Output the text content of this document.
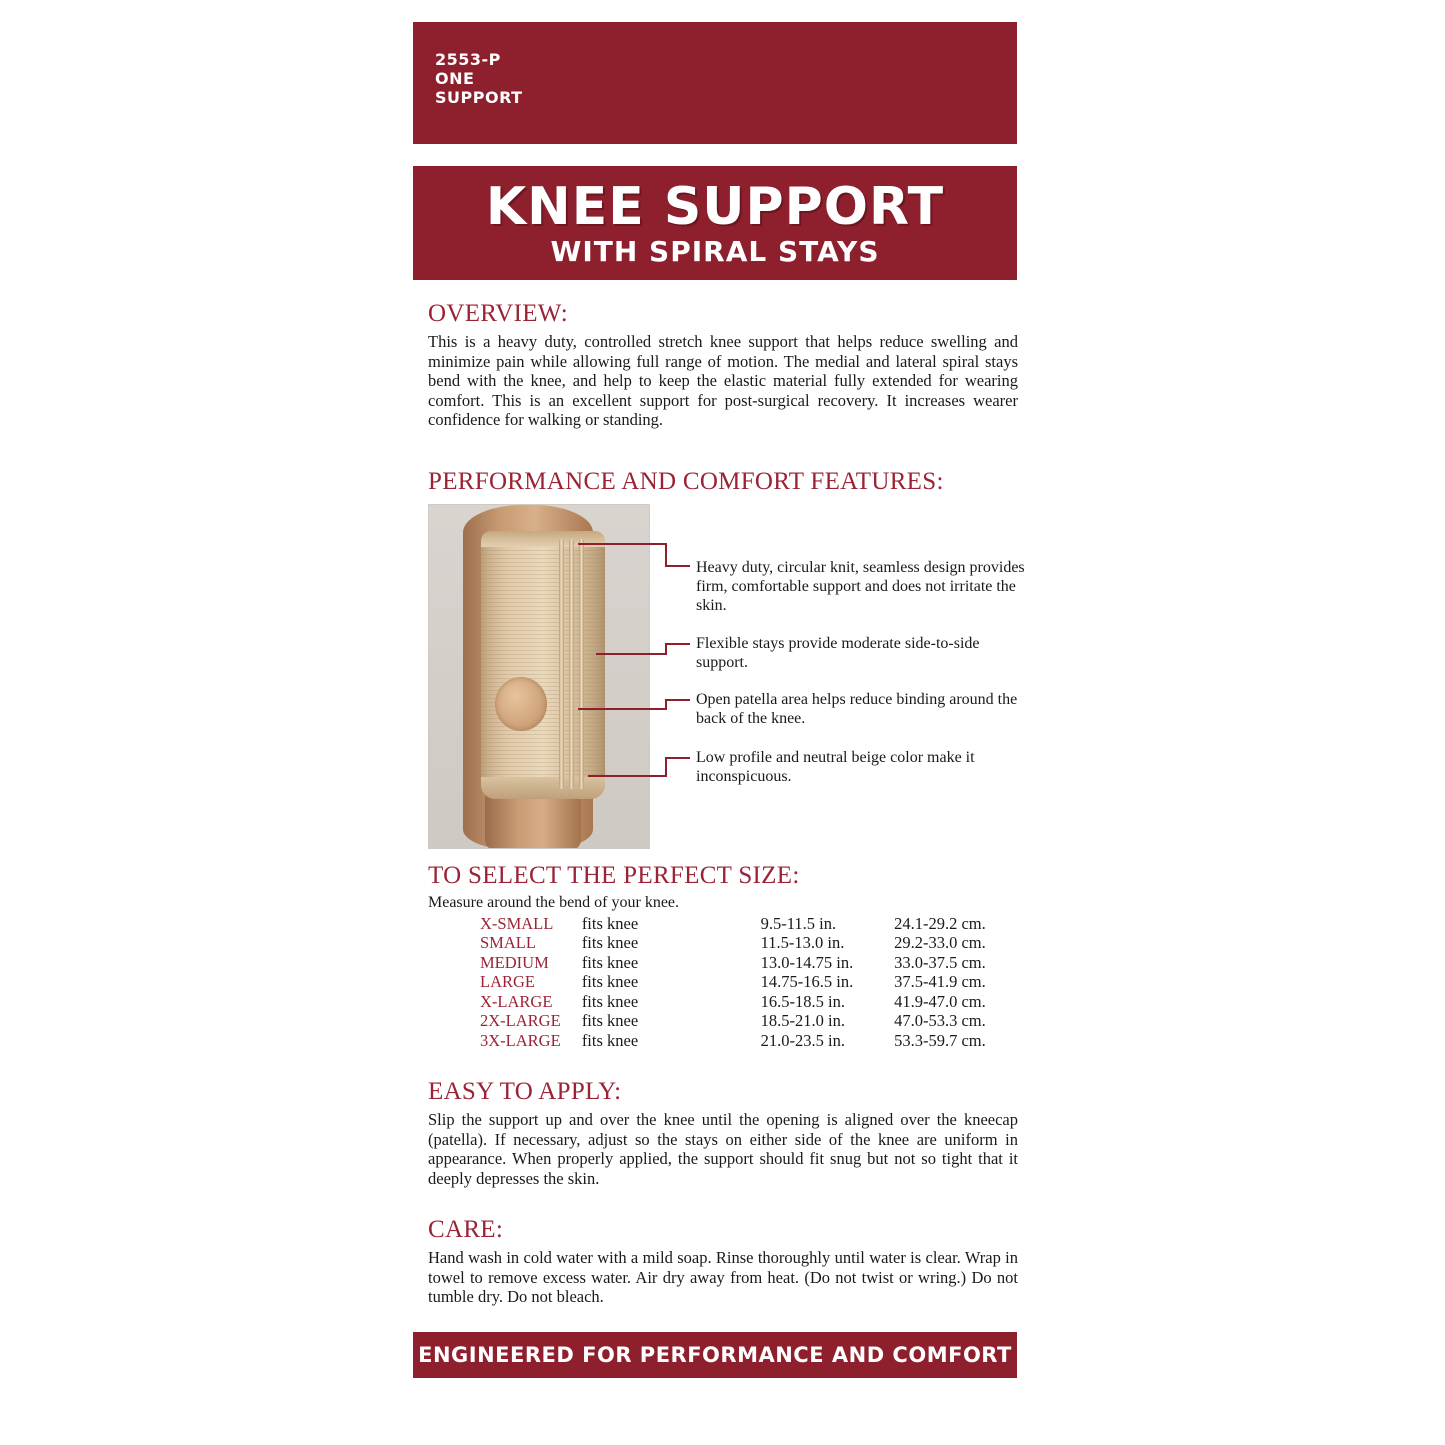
2553-P
ONE
SUPPORT
KNEE SUPPORT
WITH SPIRAL STAYS
OVERVIEW:

This is a heavy duty, controlled stretch knee support that helps reduce swelling and minimize pain while allowing full range of motion. The medial and lateral spiral stays bend with the knee, and help to keep the elastic material fully extended for wearing comfort. This is an excellent support for post-surgical recovery. It increases wearer confidence for walking or standing.

PERFORMANCE AND COMFORT FEATURES:
Heavy duty, circular knit, seamless design provides firm, comfortable support and does not irritate the skin.
Flexible stays provide moderate side-to-side support.
Open patella area helps reduce binding around the back of the knee.
Low profile and neutral beige color make it inconspicuous.
TO SELECT THE PERFECT SIZE:

Measure around the bend of your knee.

X-SMALL	fits knee	9.5-11.5 in.	24.1-29.2 cm.
SMALL	fits knee	11.5-13.0 in.	29.2-33.0 cm.
MEDIUM	fits knee	13.0-14.75 in.	33.0-37.5 cm.
LARGE	fits knee	14.75-16.5 in.	37.5-41.9 cm.
X-LARGE	fits knee	16.5-18.5 in.	41.9-47.0 cm.
2X-LARGE	fits knee	18.5-21.0 in.	47.0-53.3 cm.
3X-LARGE	fits knee	21.0-23.5 in.	53.3-59.7 cm.
EASY TO APPLY:

Slip the support up and over the knee until the opening is aligned over the kneecap (patella). If necessary, adjust so the stays on either side of the knee are uniform in appearance. When properly applied, the support should fit snug but not so tight that it deeply depresses the skin.

CARE:

Hand wash in cold water with a mild soap. Rinse thoroughly until water is clear. Wrap in towel to remove excess water. Air dry away from heat. (Do not twist or wring.) Do not tumble dry. Do not bleach.

ENGINEERED FOR PERFORMANCE AND COMFORT
